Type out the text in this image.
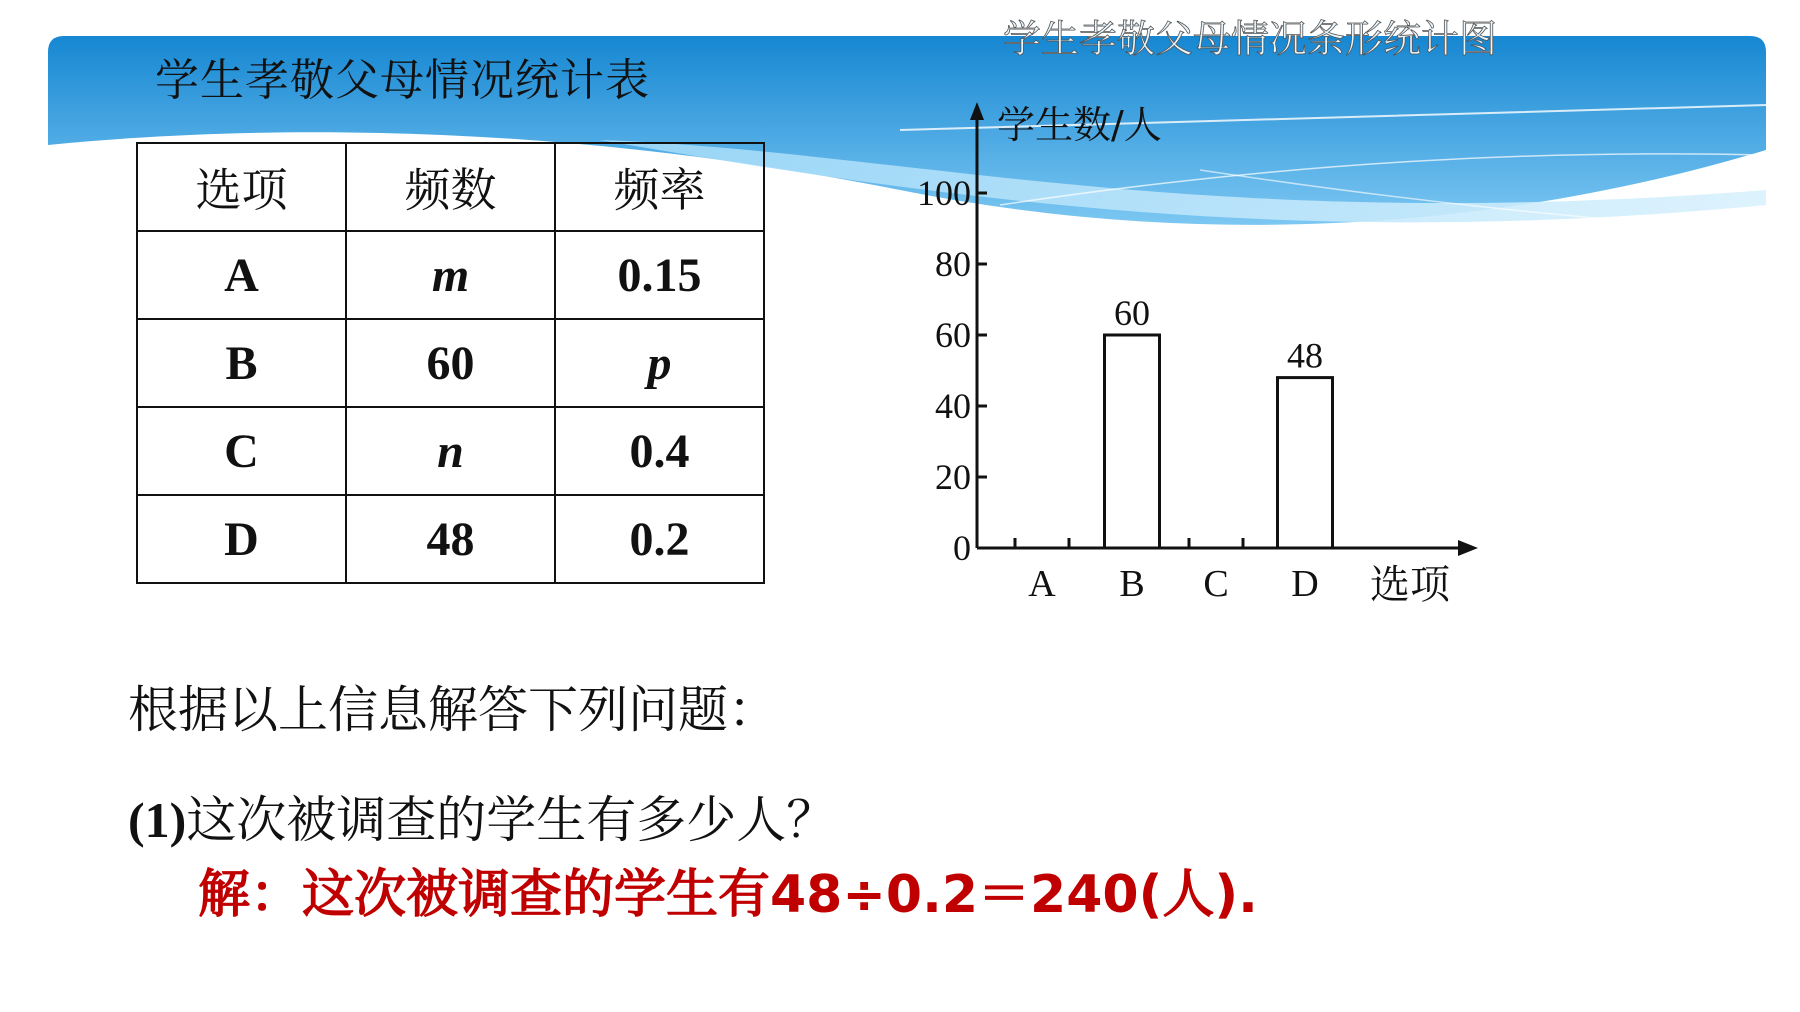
学生孝敬父母情况统计表
选项	频数	频率
A	m	0.15
B	60	p
C	n	0.4
D	48	0.2
学生孝敬父母情况条形统计图
学生数/人
0
20
40
60
80
100
选项
A
60
B C
48
D
根据以上信息解答下列问题：
(1)这次被调查的学生有多少人？
解：这次被调查的学生有48÷0.2＝240(人).
